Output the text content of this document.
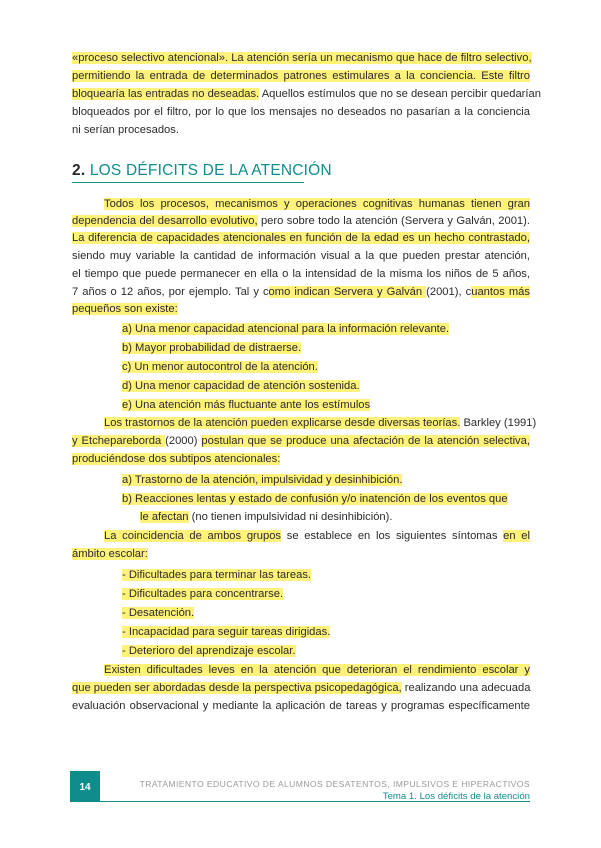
«proceso selectivo atencional». La atención sería un mecanismo que hace de filtro selectivo,
permitiendo la entrada de determinados patrones estimulares a la conciencia. Este filtro
bloquearía las entradas no deseadas. Aquellos estímulos que no se desean percibir quedarían
bloqueados por el filtro, por lo que los mensajes no deseados no pasarían a la conciencia
ni serían procesados.
2. LOS DÉFICITS DE LA ATENCIÓN
Todos los procesos, mecanismos y operaciones cognitivas humanas tienen gran
dependencia del desarrollo evolutivo, pero sobre todo la atención (Servera y Galván, 2001).
La diferencia de capacidades atencionales en función de la edad es un hecho contrastado,
siendo muy variable la cantidad de información visual a la que pueden prestar atención,
el tiempo que puede permanecer en ella o la intensidad de la misma los niños de 5 años,
7 años o 12 años, por ejemplo. Tal y como indican Servera y Galván (2001), cuantos más
pequeños son existe:
a) Una menor capacidad atencional para la información relevante.
b) Mayor probabilidad de distraerse.
c) Un menor autocontrol de la atención.
d) Una menor capacidad de atención sostenida.
e) Una atención más fluctuante ante los estímulos
Los trastornos de la atención pueden explicarse desde diversas teorías. Barkley (1991)
y Etchepareborda (2000) postulan que se produce una afectación de la atención selectiva,
produciéndose dos subtipos atencionales:
a) Trastorno de la atención, impulsividad y desinhibición.
b) Reacciones lentas y estado de confusión y/o inatención de los eventos que
le afectan (no tienen impulsividad ni desinhibición).
La coincidencia de ambos grupos se establece en los siguientes síntomas en el
ámbito escolar:
- Dificultades para terminar las tareas.
- Dificultades para concentrarse.
- Desatención.
- Incapacidad para seguir tareas dirigidas.
- Deterioro del aprendizaje escolar.
Existen dificultades leves en la atención que deterioran el rendimiento escolar y
que pueden ser abordadas desde la perspectiva psicopedagógica, realizando una adecuada
evaluación observacional y mediante la aplicación de tareas y programas específicamente
14	TRATAMIENTO EDUCATIVO DE ALUMNOS DESATENTOS, IMPULSIVOS E HIPERACTIVOS
Tema 1. Los déficits de la atención
